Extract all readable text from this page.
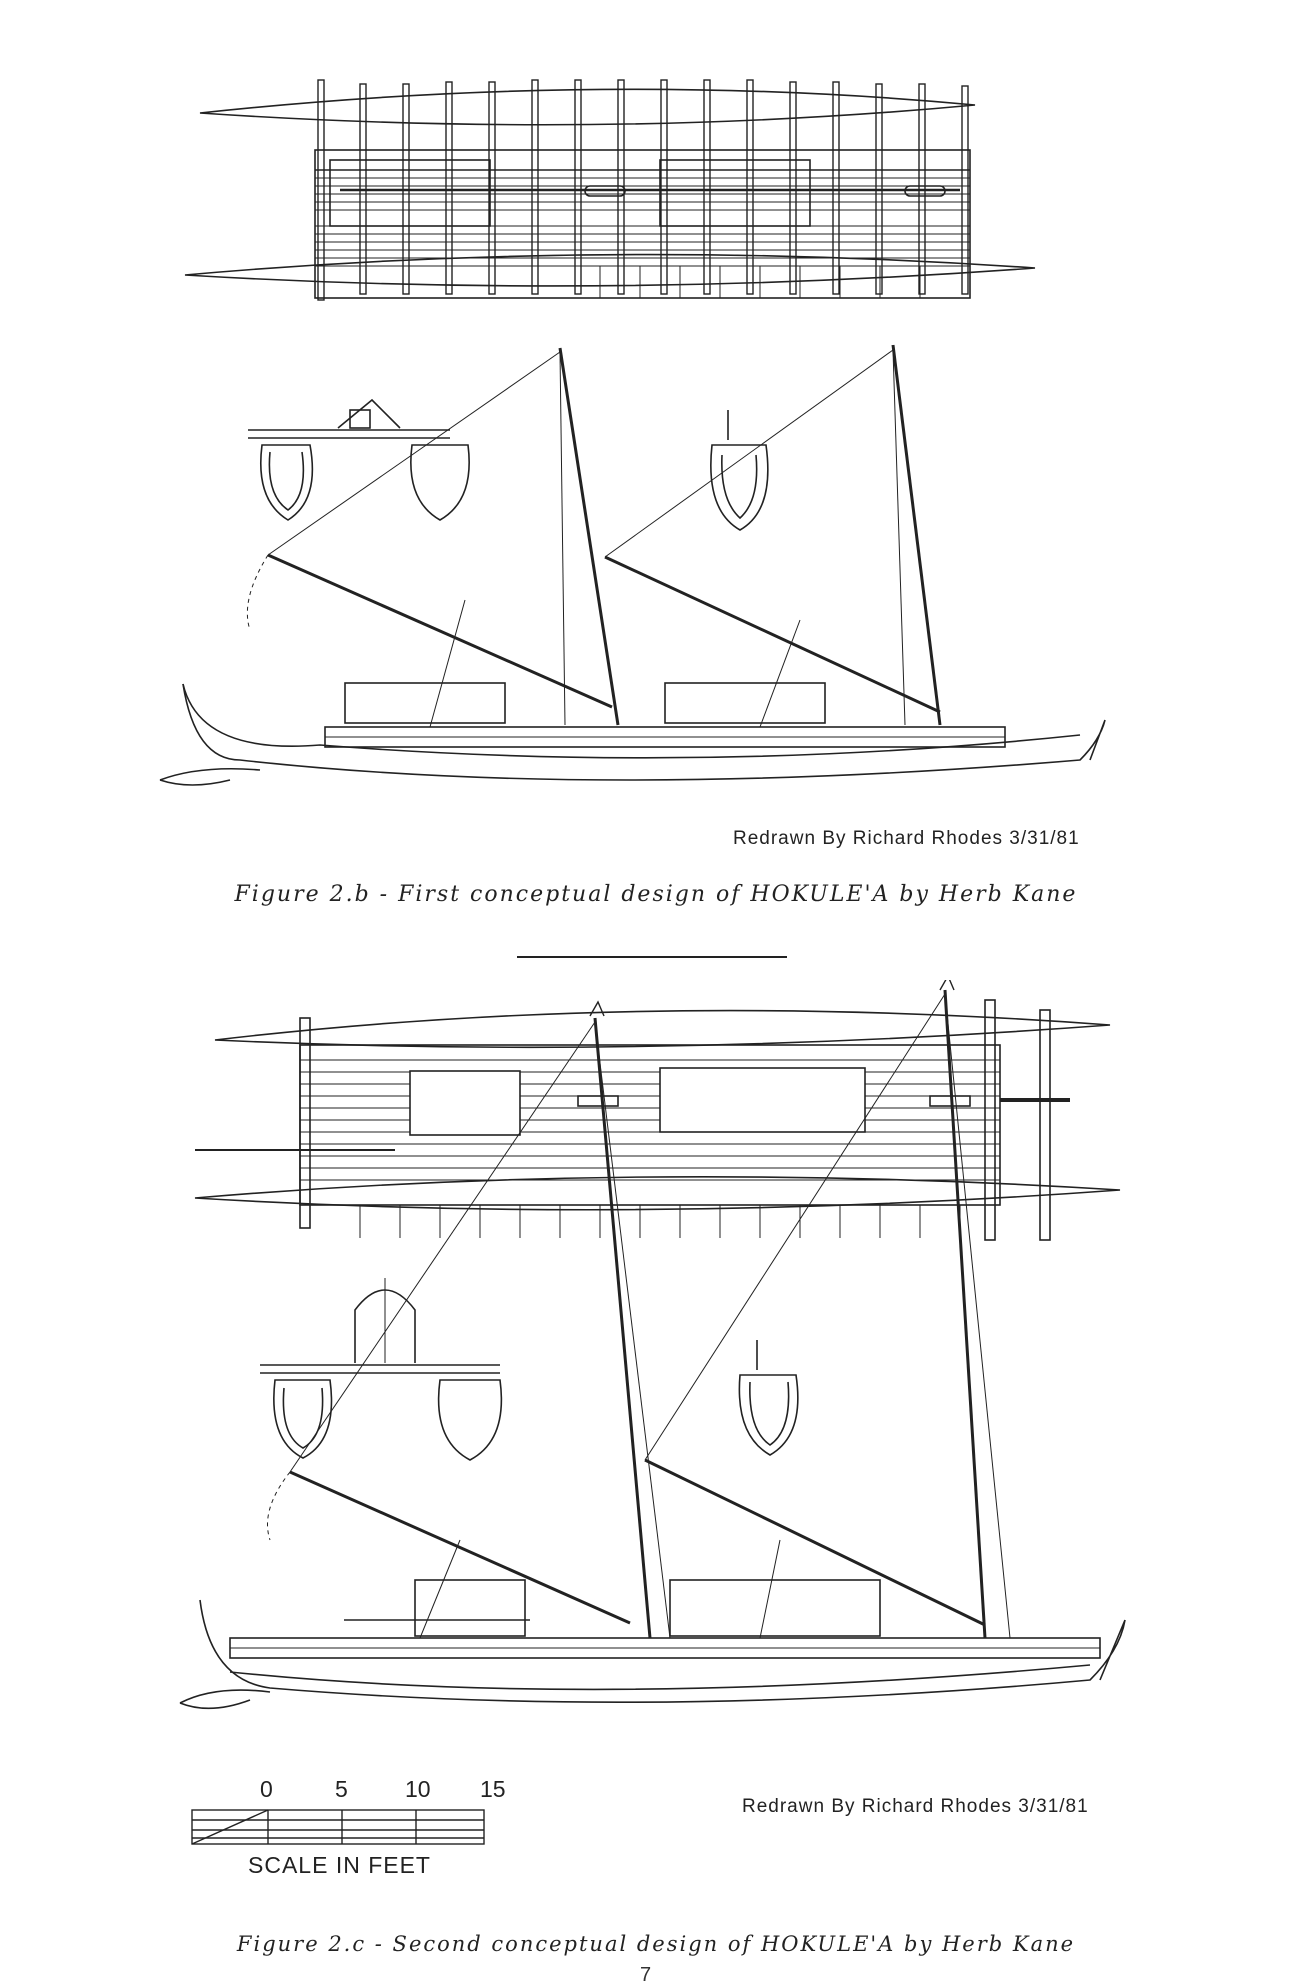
Redrawn By Richard Rhodes 3/31/81
Figure 2.b - First conceptual design of HOKULE'A by Herb Kane
Redrawn By Richard Rhodes 3/31/81
0	5 10 15
SCALE IN FEET
Figure 2.c - Second conceptual design of HOKULE'A by Herb Kane
7
